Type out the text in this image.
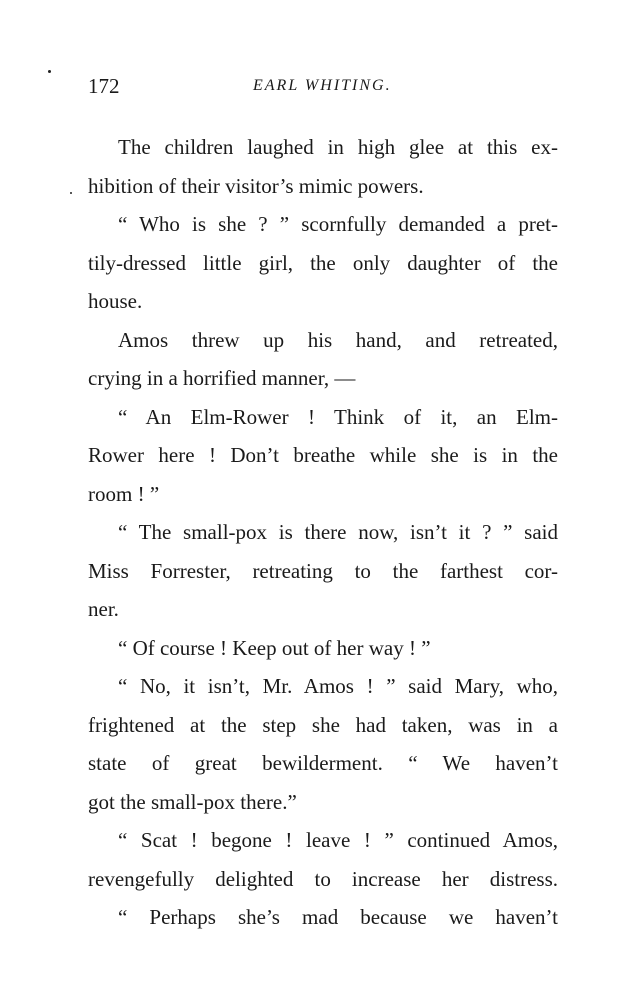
172	EARL WHITING.
The children laughed in high glee at this ex-
hibition of their visitor’s mimic powers.
“ Who is she ? ” scornfully demanded a pret-
tily-dressed little girl, the only daughter of the
house.
Amos threw up his hand, and retreated,
crying in a horrified manner, —
“ An Elm-Rower ! Think of it, an Elm-
Rower here ! Don’t breathe while she is in the
room ! ”
“ The small-pox is there now, isn’t it ? ” said
Miss Forrester, retreating to the farthest cor-
ner.
“ Of course ! Keep out of her way ! ”
“ No, it isn’t, Mr. Amos ! ” said Mary, who,
frightened at the step she had taken, was in a
state of great bewilderment. “ We haven’t
got the small-pox there.”
“ Scat ! begone ! leave ! ” continued Amos,
revengefully delighted to increase her distress.
“ Perhaps she’s mad because we haven’t
